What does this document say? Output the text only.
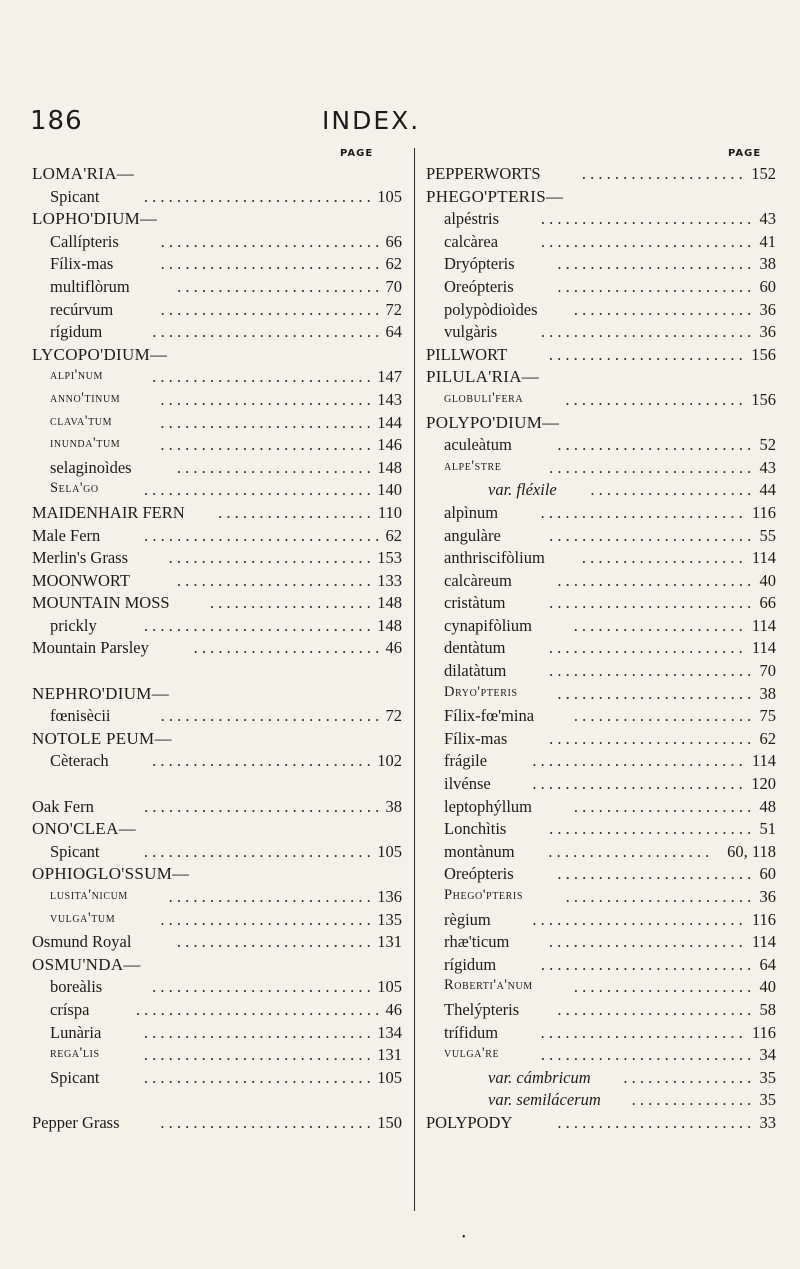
186	INDEX.
PAGE
LOMA'RIA—
Spicant	105
. . . . . . . . . . . . . . . . . . . . . . . . . . . .
LOPHO'DIUM—
Callípteris	66
. . . . . . . . . . . . . . . . . . . . . . . . . . .
Fílix-mas	62
. . . . . . . . . . . . . . . . . . . . . . . . . . .
multiflòrum	70
. . . . . . . . . . . . . . . . . . . . . . . . .
recúrvum	72
. . . . . . . . . . . . . . . . . . . . . . . . . . .
rígidum	64
. . . . . . . . . . . . . . . . . . . . . . . . . . . .
LYCOPO'DIUM—
alpi'num	147
. . . . . . . . . . . . . . . . . . . . . . . . . . .
anno'tinum	143
. . . . . . . . . . . . . . . . . . . . . . . . . .
clava'tum	144
. . . . . . . . . . . . . . . . . . . . . . . . . .
inunda'tum	146
. . . . . . . . . . . . . . . . . . . . . . . . . .
selaginoìdes	148
. . . . . . . . . . . . . . . . . . . . . . . .
Sela'go	140
. . . . . . . . . . . . . . . . . . . . . . . . . . . .
MAIDENHAIR FERN	110
. . . . . . . . . . . . . . . . . . .
Male Fern	62
. . . . . . . . . . . . . . . . . . . . . . . . . . . . .
Merlin's Grass	153
. . . . . . . . . . . . . . . . . . . . . . . . .
MOONWORT	133
. . . . . . . . . . . . . . . . . . . . . . . .
MOUNTAIN MOSS	148
. . . . . . . . . . . . . . . . . . . .
prickly	148
. . . . . . . . . . . . . . . . . . . . . . . . . . . .
Mountain Parsley	46
. . . . . . . . . . . . . . . . . . . . . . .
NEPHRO'DIUM—
fœnisècii	72
. . . . . . . . . . . . . . . . . . . . . . . . . . .
NOTOLE PEUM—
Cèterach	102
. . . . . . . . . . . . . . . . . . . . . . . . . . .
Oak Fern	38
. . . . . . . . . . . . . . . . . . . . . . . . . . . . .
ONO'CLEA—
Spicant	105
. . . . . . . . . . . . . . . . . . . . . . . . . . . .
OPHIOGLO'SSUM—
lusita'nicum	136
. . . . . . . . . . . . . . . . . . . . . . . . .
vulga'tum	135
. . . . . . . . . . . . . . . . . . . . . . . . . .
Osmund Royal	131
. . . . . . . . . . . . . . . . . . . . . . . .
OSMU'NDA—
boreàlis	105
. . . . . . . . . . . . . . . . . . . . . . . . . . .
críspa	46
. . . . . . . . . . . . . . . . . . . . . . . . . . . . . .
Lunària	134
. . . . . . . . . . . . . . . . . . . . . . . . . . . .
rega'lis	131
. . . . . . . . . . . . . . . . . . . . . . . . . . . .
Spicant	105
. . . . . . . . . . . . . . . . . . . . . . . . . . . .
Pepper Grass	150
. . . . . . . . . . . . . . . . . . . . . . . . . .
PAGE
PEPPERWORTS	152
. . . . . . . . . . . . . . . . . . . .
PHEGO'PTERIS—
alpéstris	43
. . . . . . . . . . . . . . . . . . . . . . . . . .
calcàrea	41
. . . . . . . . . . . . . . . . . . . . . . . . . .
Dryópteris	38
. . . . . . . . . . . . . . . . . . . . . . . .
Oreópteris	60
. . . . . . . . . . . . . . . . . . . . . . . .
polypòdioìdes	36
. . . . . . . . . . . . . . . . . . . . . .
vulgàris	36
. . . . . . . . . . . . . . . . . . . . . . . . . .
PILLWORT	156
. . . . . . . . . . . . . . . . . . . . . . . .
PILULA'RIA—
globuli'fera	156
. . . . . . . . . . . . . . . . . . . . . .
POLYPO'DIUM—
aculeàtum	52
. . . . . . . . . . . . . . . . . . . . . . . .
alpe'stre	43
. . . . . . . . . . . . . . . . . . . . . . . . .
var. fléxile	44
. . . . . . . . . . . . . . . . . . . .
alpìnum	116
. . . . . . . . . . . . . . . . . . . . . . . . .
angulàre	55
. . . . . . . . . . . . . . . . . . . . . . . . .
anthriscifòlium	114
. . . . . . . . . . . . . . . . . . . .
calcàreum	40
. . . . . . . . . . . . . . . . . . . . . . . .
cristàtum	66
. . . . . . . . . . . . . . . . . . . . . . . . .
cynapifòlium	114
. . . . . . . . . . . . . . . . . . . . .
dentàtum	114
. . . . . . . . . . . . . . . . . . . . . . . .
dilatàtum	70
. . . . . . . . . . . . . . . . . . . . . . . . .
Dryo'pteris	38
. . . . . . . . . . . . . . . . . . . . . . . .
Fílix-fœ'mina	75
. . . . . . . . . . . . . . . . . . . . . .
Fílix-mas	62
. . . . . . . . . . . . . . . . . . . . . . . . .
frágile	114
. . . . . . . . . . . . . . . . . . . . . . . . . .
ilvénse	120
. . . . . . . . . . . . . . . . . . . . . . . . . .
leptophýllum	48
. . . . . . . . . . . . . . . . . . . . . .
Lonchìtis	51
. . . . . . . . . . . . . . . . . . . . . . . . .
montànum	60, 118
. . . . . . . . . . . . . . . . . . . .
Oreópteris	60
. . . . . . . . . . . . . . . . . . . . . . . .
Phego'pteris	36
. . . . . . . . . . . . . . . . . . . . . . .
règium	116
. . . . . . . . . . . . . . . . . . . . . . . . . .
rhæ'ticum	114
. . . . . . . . . . . . . . . . . . . . . . . .
rígidum	64
. . . . . . . . . . . . . . . . . . . . . . . . . .
Roberti'a'num	40
. . . . . . . . . . . . . . . . . . . . . .
Thelýpteris	58
. . . . . . . . . . . . . . . . . . . . . . . .
trífidum	116
. . . . . . . . . . . . . . . . . . . . . . . . .
vulga're	34
. . . . . . . . . . . . . . . . . . . . . . . . . .
var. cámbricum	35
. . . . . . . . . . . . . . . .
var. semilácerum	35
. . . . . . . . . . . . . . .
POLYPODY	33
. . . . . . . . . . . . . . . . . . . . . . . .
•
